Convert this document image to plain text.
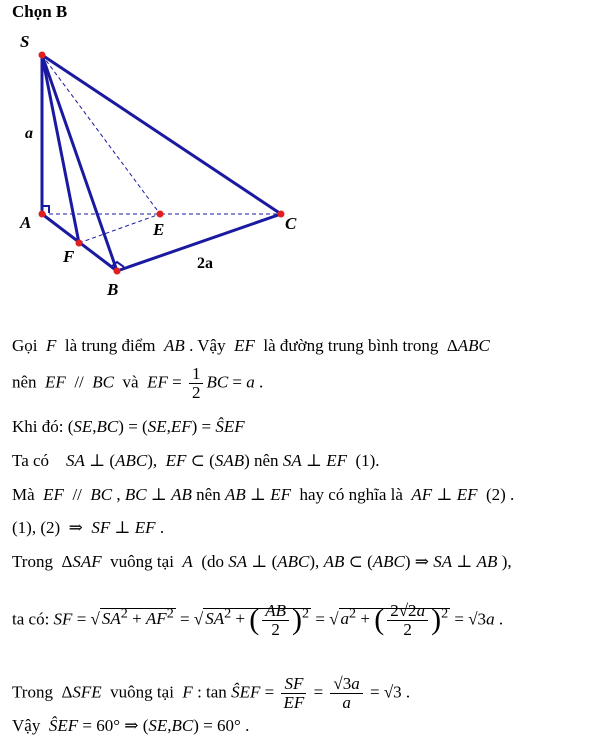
Chọn B
S
A	E	C
F
B
a
2a
Gọi F là trung điểm AB . Vậy EF là đường trung bình trong  ΔABC
nên EF  //  BC và EF = $\frac{1}{2}$ BC = a .
Khi đó: (SE,BC) = (SE,EF) = ŜEF
Ta có SA ⊥ (ABC),  EF ⊂ (SAB) nên SA ⊥ EF  (1).
Mà EF  //  BC , BC ⊥ AB nên AB ⊥ EF hay có nghĩa là AF ⊥ EF  (2) .
(1), (2)  ⇒  SF ⊥ EF .
Trong  ΔSAF vuông tại A (do SA ⊥ (ABC), AB ⊂ (ABC) ⇒ SA ⊥ AB ),
ta có: SF = √ $SA^2 + AF^2$ = √ $SA^2$ + ( $\frac{AB}{2} )^2$ = √ $a^2$ + ( $\frac{2√2a}{2} )^2 = √3a$ .
Trong  ΔSFE vuông tại F : tan ŜEF = $\frac{SF}{EF} = \frac{√3a}{a} = √3$ .
Vậy ŜEF = 60° ⇒ (SE,BC) = 60° .
